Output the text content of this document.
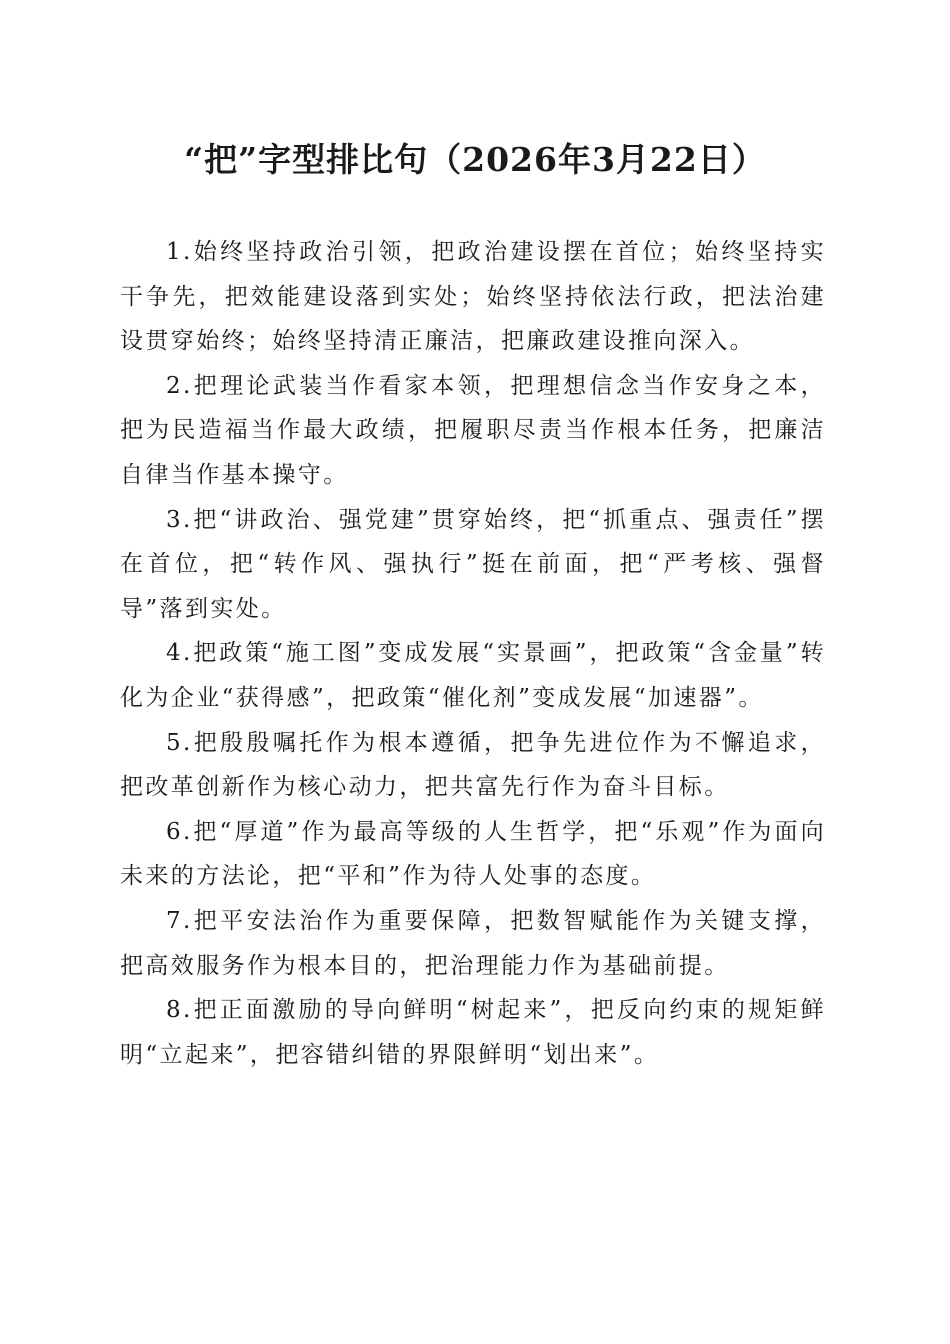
“把”字型排比句（2026年3月22日）

1.始终坚持政治引领，把政治建设摆在首位；始终坚持实干争先，把效能建设落到实处；始终坚持依法行政，把法治建设贯穿始终；始终坚持清正廉洁，把廉政建设推向深入。

2.把理论武装当作看家本领，把理想信念当作安身之本，把为民造福当作最大政绩，把履职尽责当作根本任务，把廉洁自律当作基本操守。

3.把“讲政治、强党建”贯穿始终，把“抓重点、强责任”摆在首位，把“转作风、强执行”挺在前面，把“严考核、强督导”落到实处。

4.把政策“施工图”变成发展“实景画”，把政策“含金量”转化为企业“获得感”，把政策“催化剂”变成发展“加速器”。

5.把殷殷嘱托作为根本遵循，把争先进位作为不懈追求，把改革创新作为核心动力，把共富先行作为奋斗目标。

6.把“厚道”作为最高等级的人生哲学，把“乐观”作为面向未来的方法论，把“平和”作为待人处事的态度。

7.把平安法治作为重要保障，把数智赋能作为关键支撑，把高效服务作为根本目的，把治理能力作为基础前提。

8.把正面激励的导向鲜明“树起来”，把反向约束的规矩鲜明“立起来”，把容错纠错的界限鲜明“划出来”。
